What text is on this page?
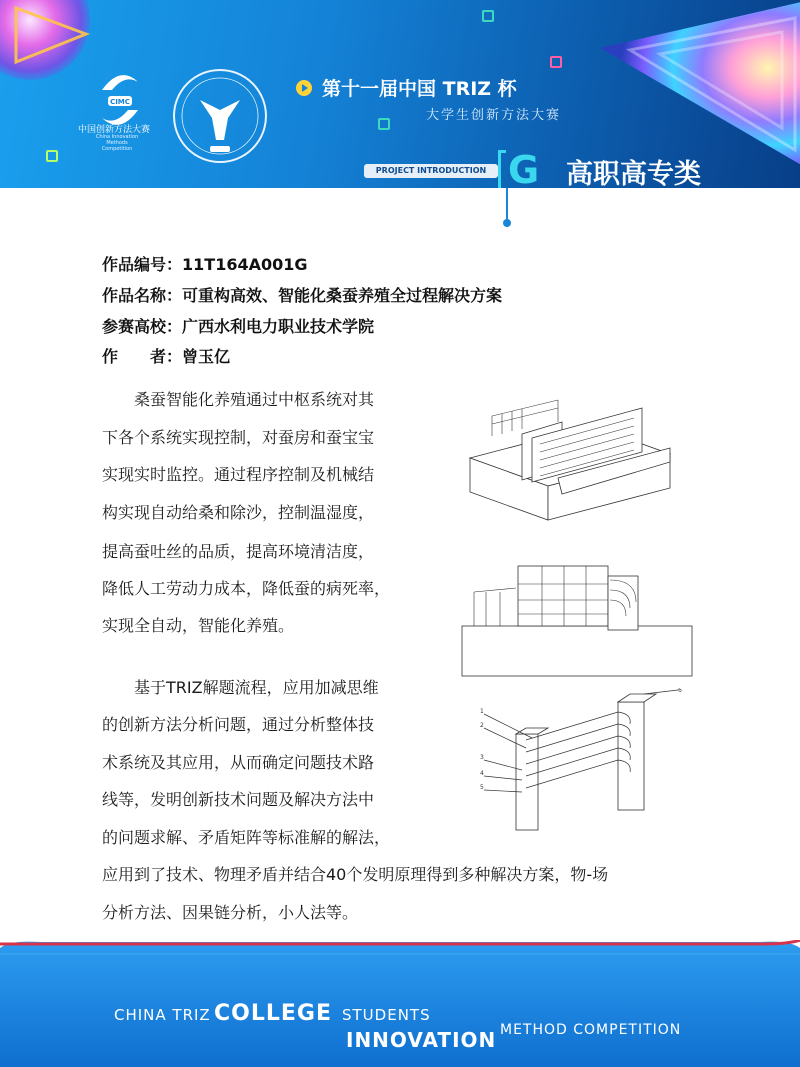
CIMC
中国创新方法大赛
China Innovation Methods Competition
第十一届中国 TRIZ 杯
大学生创新方法大赛
PROJECT INTRODUCTION G 高职高专类
作品编号：11T164A001G
作品名称：可重构高效、智能化桑蚕养殖全过程解决方案
参赛高校：广西水利电力职业技术学院
作　　者：曾玉亿
　　桑蚕智能化养殖通过中枢系统对其
下各个系统实现控制，对蚕房和蚕宝宝
实现实时监控。通过程序控制及机械结
构实现自动给桑和除沙，控制温湿度，
提高蚕吐丝的品质，提高环境清洁度，
降低人工劳动力成本，降低蚕的病死率，
实现全自动，智能化养殖。
　　基于TRIZ解题流程，应用加减思维
的创新方法分析问题，通过分析整体技
术系统及其应用，从而确定问题技术路
线等，发明创新技术问题及解决方法中
的问题求解、矛盾矩阵等标准解的解法，
应用到了技术、物理矛盾并结合40个发明原理得到多种解决方案，物-场
分析方法、因果链分析，小人法等。
1
2
3
4
5
6
CHINA TRIZ COLLEGE STUDENTS
INNOVATION METHOD COMPETITION
